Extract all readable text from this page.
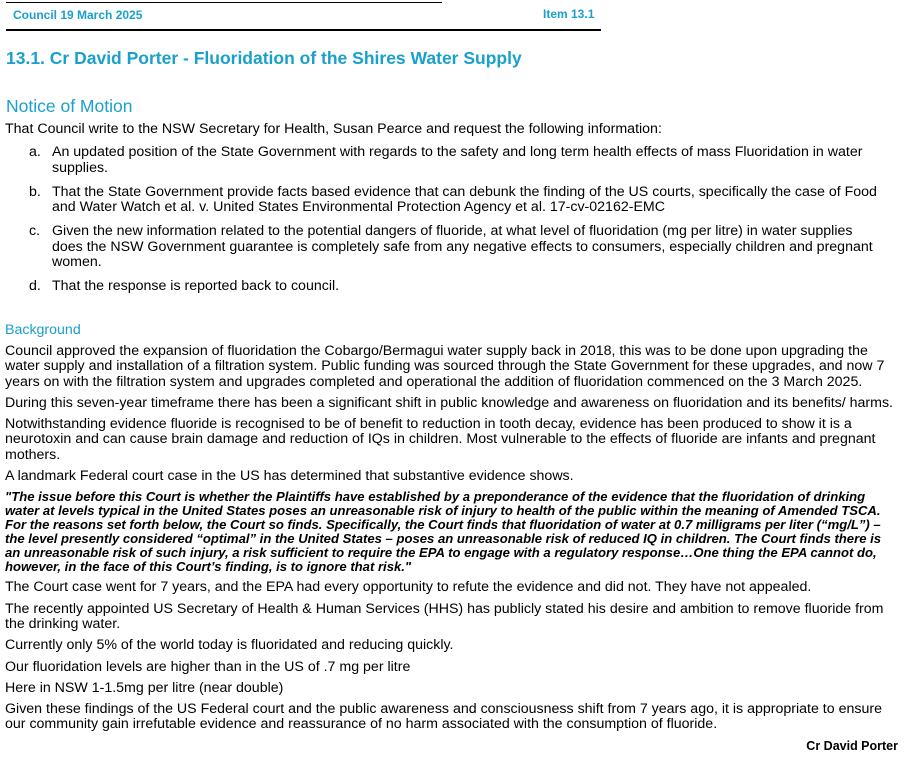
Council 19 March 2025	Item 13.1
13.1. Cr David Porter - Fluoridation of the Shires Water Supply
Notice of Motion

That Council write to the NSW Secretary for Health, Susan Pearce and request the following information:

a. An updated position of the State Government with regards to the safety and long term health effects of mass Fluoridation in water supplies.
b. That the State Government provide facts based evidence that can debunk the finding of the US courts, specifically the case of Food and Water Watch et al. v. United States Environmental Protection Agency et al. 17-cv-02162-EMC
c. Given the new information related to the potential dangers of fluoride, at what level of fluoridation (mg per litre) in water supplies does the NSW Government guarantee is completely safe from any negative effects to consumers, especially children and pregnant women.
d. That the response is reported back to council.
Background

Council approved the expansion of fluoridation the Cobargo/Bermagui water supply back in 2018, this was to be done upon upgrading the water supply and installation of a filtration system. Public funding was sourced through the State Government for these upgrades, and now 7 years on with the filtration system and upgrades completed and operational the addition of fluoridation commenced on the 3 March 2025.

During this seven-year timeframe there has been a significant shift in public knowledge and awareness on fluoridation and its benefits/ harms.

Notwithstanding evidence fluoride is recognised to be of benefit to reduction in tooth decay, evidence has been produced to show it is a neurotoxin and can cause brain damage and reduction of IQs in children. Most vulnerable to the effects of fluoride are infants and pregnant mothers.

A landmark Federal court case in the US has determined that substantive evidence shows.

"The issue before this Court is whether the Plaintiffs have established by a preponderance of the evidence that the fluoridation of drinking water at levels typical in the United States poses an unreasonable risk of injury to health of the public within the meaning of Amended TSCA. For the reasons set forth below, the Court so finds. Specifically, the Court finds that fluoridation of water at 0.7 milligrams per liter (“mg/L”) – the level presently considered “optimal” in the United States – poses an unreasonable risk of reduced IQ in children. The Court finds there is an unreasonable risk of such injury, a risk sufficient to require the EPA to engage with a regulatory response…One thing the EPA cannot do, however, in the face of this Court’s finding, is to ignore that risk."

The Court case went for 7 years, and the EPA had every opportunity to refute the evidence and did not. They have not appealed.

The recently appointed US Secretary of Health & Human Services (HHS) has publicly stated his desire and ambition to remove fluoride from the drinking water.

Currently only 5% of the world today is fluoridated and reducing quickly.

Our fluoridation levels are higher than in the US of .7 mg per litre

Here in NSW 1-1.5mg per litre (near double)

Given these findings of the US Federal court and the public awareness and consciousness shift from 7 years ago, it is appropriate to ensure our community gain irrefutable evidence and reassurance of no harm associated with the consumption of fluoride.

Cr David Porter
